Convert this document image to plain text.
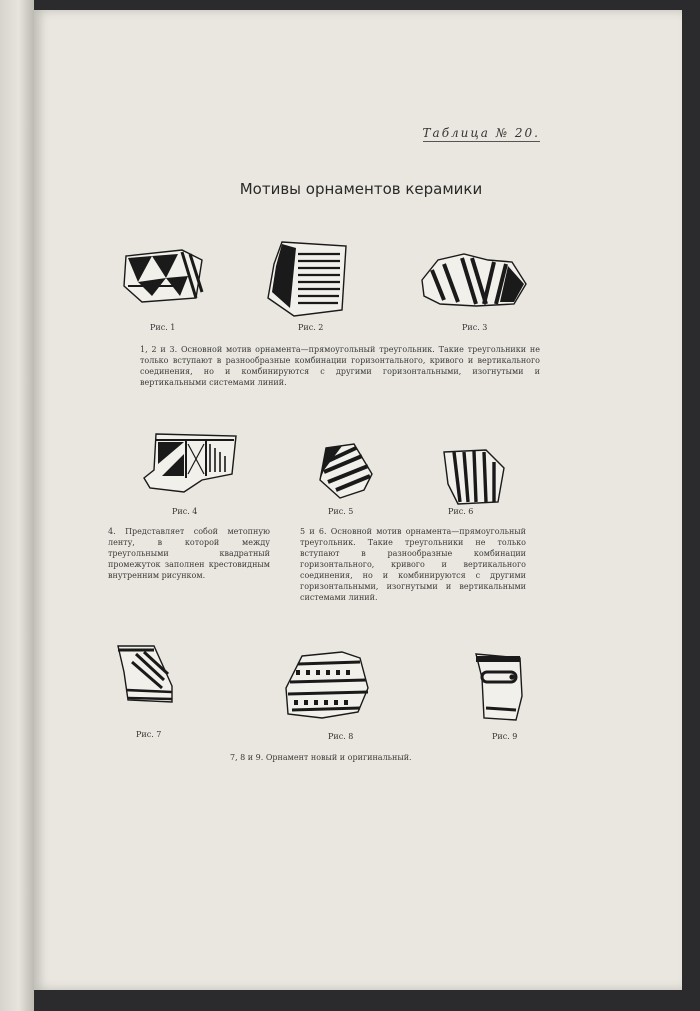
Таблица № 20.
Мотивы орнаментов керамики
Рис. 1	Рис. 2	Рис. 3
1, 2 и 3. Основной мотив орнамента—прямоугольный треугольник. Такие треугольники не только вступают в разнообразные комбинации горизонтального, кривого и вертикального соединения, но и комбинируются с другими горизонтальными, изогнутыми и вертикальными системами линий.
Рис. 4	Рис. 5	Рис. 6
4. Представляет собой метопную ленту, в которой между треугольными квадратный промежуток заполнен крестовидным внутренним рисунком.
5 и 6. Основной мотив орнамента—прямоугольный треугольник. Такие треугольники не только вступают в разнообразные комбинации горизонтального, кривого и вертикального соединения, но и комбинируются с другими горизонтальными, изогнутыми и вертикальными системами линий.
Рис. 7	Рис. 8	Рис. 9
7, 8 и 9. Орнамент новый и оригинальный.
